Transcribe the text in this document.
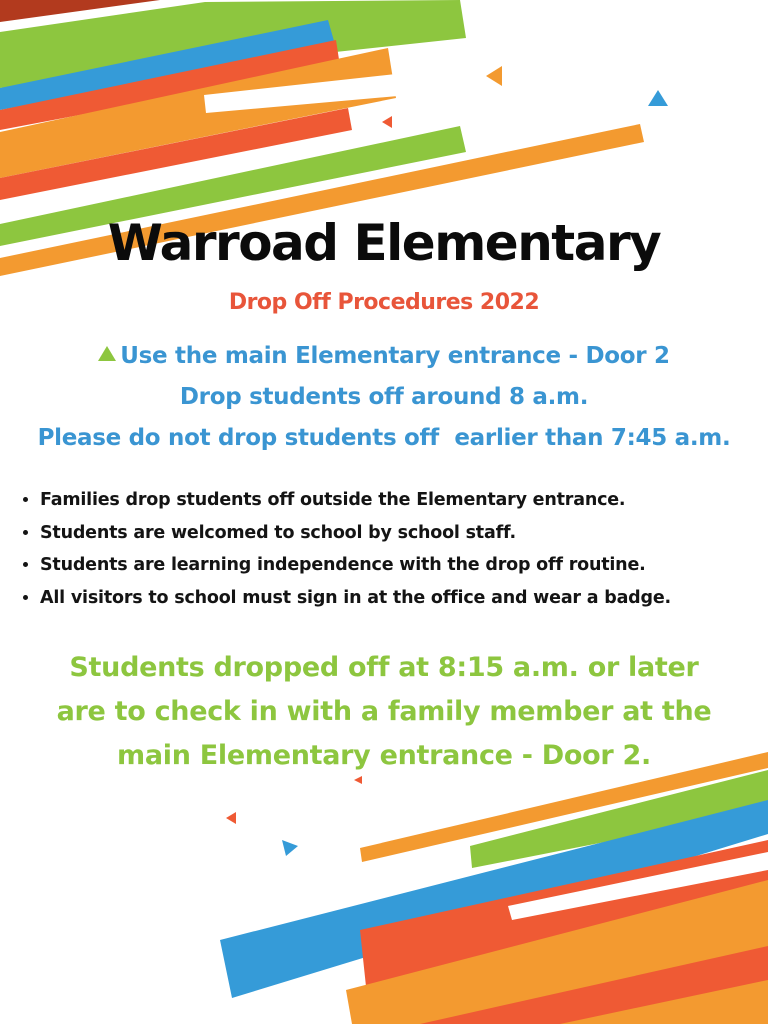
Warroad Elementary
Drop Off Procedures 2022
Use the main Elementary entrance - Door 2
Drop students off around 8 a.m.
Please do not drop students off  earlier than 7:45 a.m.
• Families drop students off outside the Elementary entrance.
• Students are welcomed to school by school staff.
• Students are learning independence with the drop off routine.
• All visitors to school must sign in at the office and wear a badge.
Students dropped off at 8:15 a.m. or later
are to check in with a family member at the
main Elementary entrance - Door 2.
